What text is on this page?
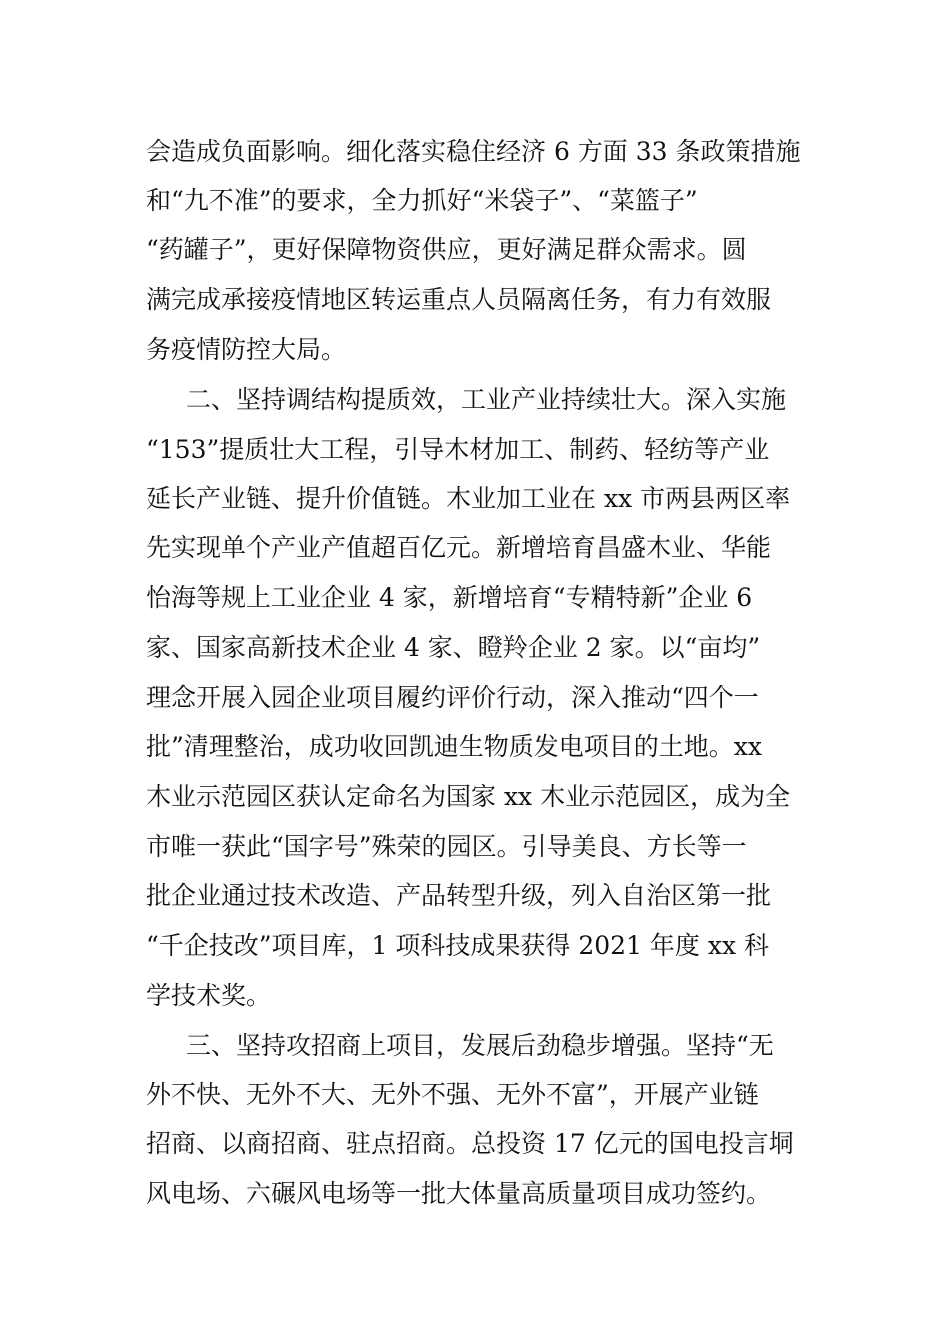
会造成负面影响。细化落实稳住经济 6 方面 33 条政策措施
和“九不准”的要求，全力抓好“米袋子”、“菜篮子”
“药罐子”，更好保障物资供应，更好满足群众需求。圆
满完成承接疫情地区转运重点人员隔离任务，有力有效服
务疫情防控大局。
二、坚持调结构提质效，工业产业持续壮大。深入实施
“153”提质壮大工程，引导木材加工、制药、轻纺等产业
延长产业链、提升价值链。木业加工业在 xx 市两县两区率
先实现单个产业产值超百亿元。新增培育昌盛木业、华能
怡海等规上工业企业 4 家，新增培育“专精特新”企业 6
家、国家高新技术企业 4 家、瞪羚企业 2 家。以“亩均”
理念开展入园企业项目履约评价行动，深入推动“四个一
批”清理整治，成功收回凯迪生物质发电项目的土地。xx
木业示范园区获认定命名为国家 xx 木业示范园区，成为全
市唯一获此“国字号”殊荣的园区。引导美良、方长等一
批企业通过技术改造、产品转型升级，列入自治区第一批
“千企技改”项目库，1 项科技成果获得 2021 年度 xx 科
学技术奖。
三、坚持攻招商上项目，发展后劲稳步增强。坚持“无
外不快、无外不大、无外不强、无外不富”，开展产业链
招商、以商招商、驻点招商。总投资 17 亿元的国电投言垌
风电场、六碾风电场等一批大体量高质量项目成功签约。
